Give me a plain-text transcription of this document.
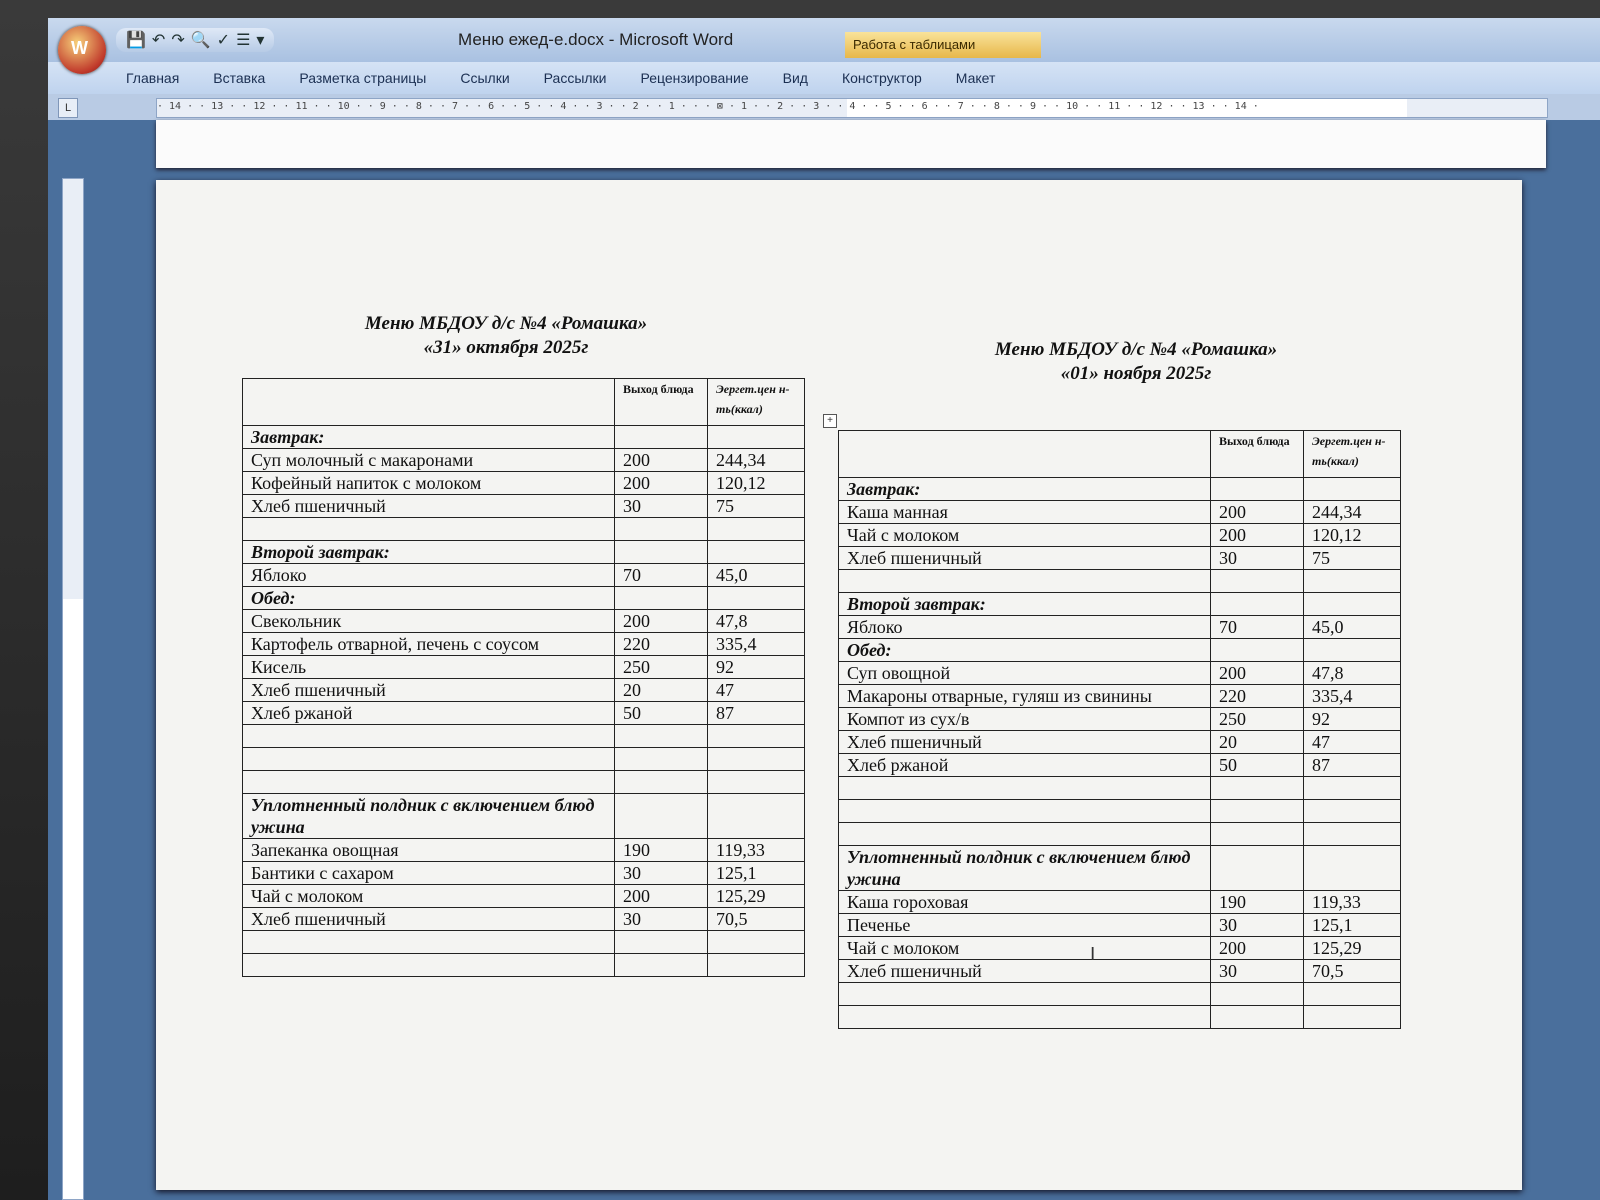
💾 ↶ ↷ 🔍 ✓ ☰ ▾	Меню ежед-е.docx - Microsoft Word	Работа с таблицами
W
Главная Вставка Разметка страницы Ссылки Рассылки Рецензирование Вид Конструктор Макет
L	· 14 · · 13 · · 12 · · 11 · · 10 · · 9 · · 8 · · 7 · · 6 · · 5 · · 4 · · 3 · · 2 · · 1 · · · ⊠ · 1 · · 2 · · 3 · · 4 · · 5 · · 6 · · 7 · · 8 · · 9 · · 10 · · 11 · · 12 · · 13 · · 14 ·
Меню МБДОУ д/с №4 «Ромашка»
«31» октября 2025г
	Выход блюда	Эергет.цен н-ть(ккал)
Завтрак:		
Суп молочный с макаронами	200	244,34
Кофейный напиток с молоком	200	120,12
Хлеб пшеничный	30	75

Второй завтрак:		
Яблоко	70	45,0
Обед:		
Свекольник	200	47,8
Картофель отварной, печень с соусом	220	335,4
Кисель	250	92
Хлеб пшеничный	20	47
Хлеб ржаной	50	87

Уплотненный полдник с включением блюд ужина		
Запеканка овощная	190	119,33
Бантики с сахаром	30	125,1
Чай с молоком	200	125,29
Хлеб пшеничный	30	70,5

Меню МБДОУ д/с №4 «Ромашка»
«01» ноября 2025г
+
	Выход блюда	Эергет.цен н-ть(ккал)
Завтрак:		
Каша манная	200	244,34
Чай с молоком	200	120,12
Хлеб пшеничный	30	75

Второй завтрак:		
Яблоко	70	45,0
Обед:		
Суп овощной	200	47,8
Макароны отварные, гуляш из свинины	220	335,4
Компот из сух/в	250	92
Хлеб пшеничный	20	47
Хлеб ржаной	50	87

Уплотненный полдник с включением блюд ужина		
Каша гороховая	190	119,33
Печенье	30	125,1
Чай с молоком	200	125,29
Хлеб пшеничный	30	70,5

I
